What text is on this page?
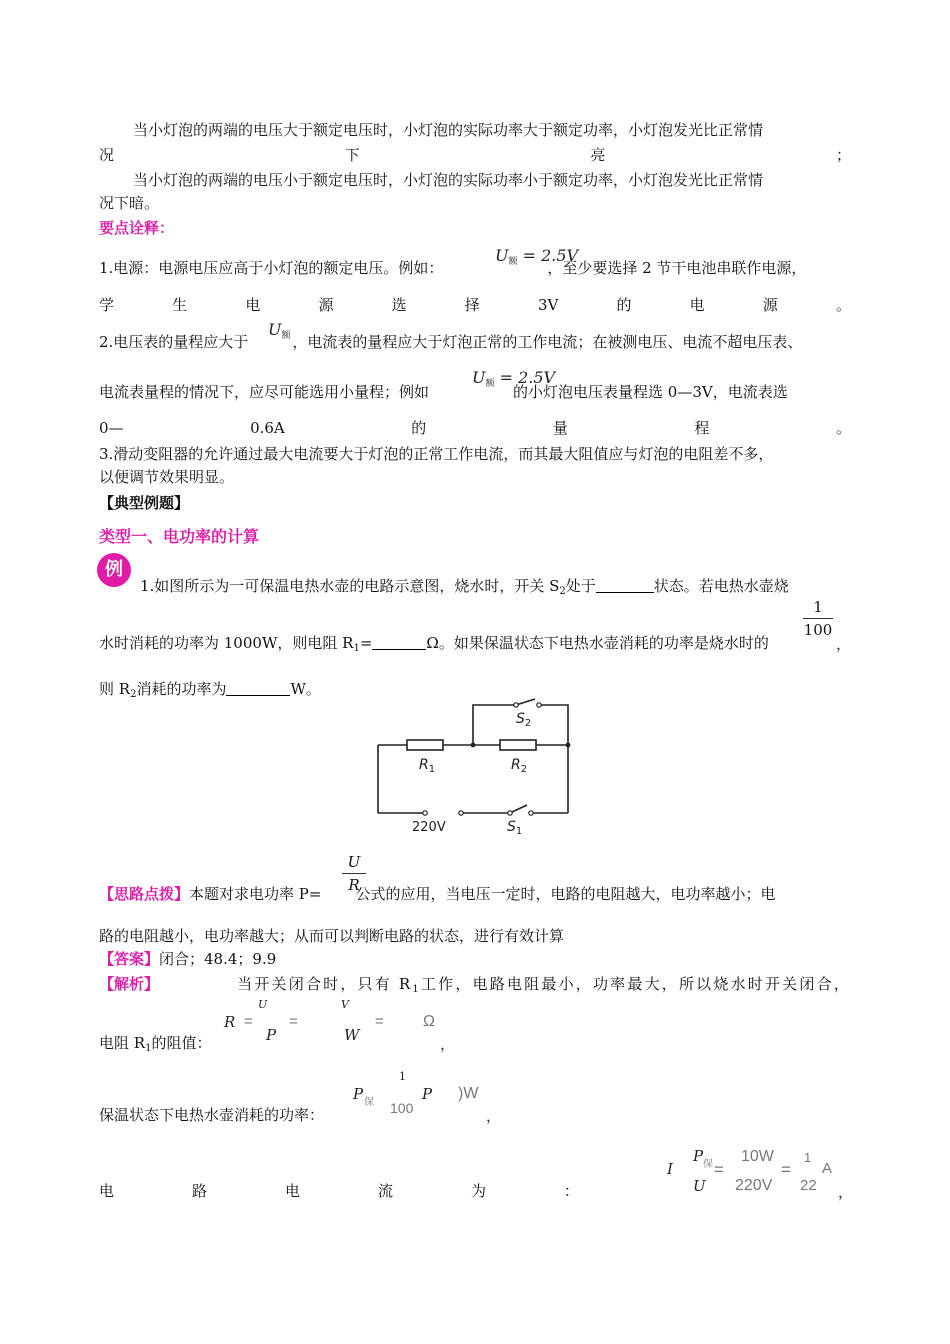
当小灯泡的两端的电压大于额定电压时，小灯泡的实际功率大于额定功率，小灯泡发光比正常情
况	下	亮	；
当小灯泡的两端的电压小于额定电压时，小灯泡的实际功率小于额定功率，小灯泡发光比正常情
况下暗。
要点诠释：
1.电源：电源电压应高于小灯泡的额定电压。例如：	，至少要选择 2 节干电池串联作电源，
$U_额 = 2.5V$
学	生	电	源	选	择	3V	的	电	源	。
2.电压表的量程应大于	，电流表的量程应大于灯泡正常的工作电流；在被测电压、电流不超电压表、
$U_额$
电流表量程的情况下，应尽可能选用小量程；例如	的小灯泡电压表量程选 0—3V，电流表选
$U_额 = 2.5V$
0—	0.6A	的	量	程	。
3.滑动变阻器的允许通过最大电流要大于灯泡的正常工作电流，而其最大阻值应与灯泡的电阻差不多，
以便调节效果明显。
【典型例题】
类型一、电功率的计算
例
1.如图所示为一可保温电热水壶的电路示意图，烧水时，开关 $S_2$处于	状态。若电热水壶烧
水时消耗的功率为 1000W，则电阻 $R_1=$	Ω。如果保温状态下电热水壶消耗的功率是烧水时的
1
100
，
则 $R_2$消耗的功率为	W。
$S_2$
$R_1$	$R_2$
220V	$S_1$
【思路点拨】本题对求电功率 P= 公式的应用，当电压一定时，电路的电阻越大，电功率越小；电
U
R
路的电阻越小，电功率越大；从而可以判断电路的状态，进行有效计算
【答案】闭合；48.4；9.9
【解析】	当开关闭合时，只有 $R_1$工作，电路电阻最小，功率最大，所以烧水时开关闭合，
电阻 $R_1$的阻值：
R =
U
P
=
V
W
= Ω
，
保温状态下电热水壶消耗的功率：
P 保
1
100
P )W
，
电	路	电	流	为	：
I
P 保
U
=
10W
220V
=
1
22
A
，
